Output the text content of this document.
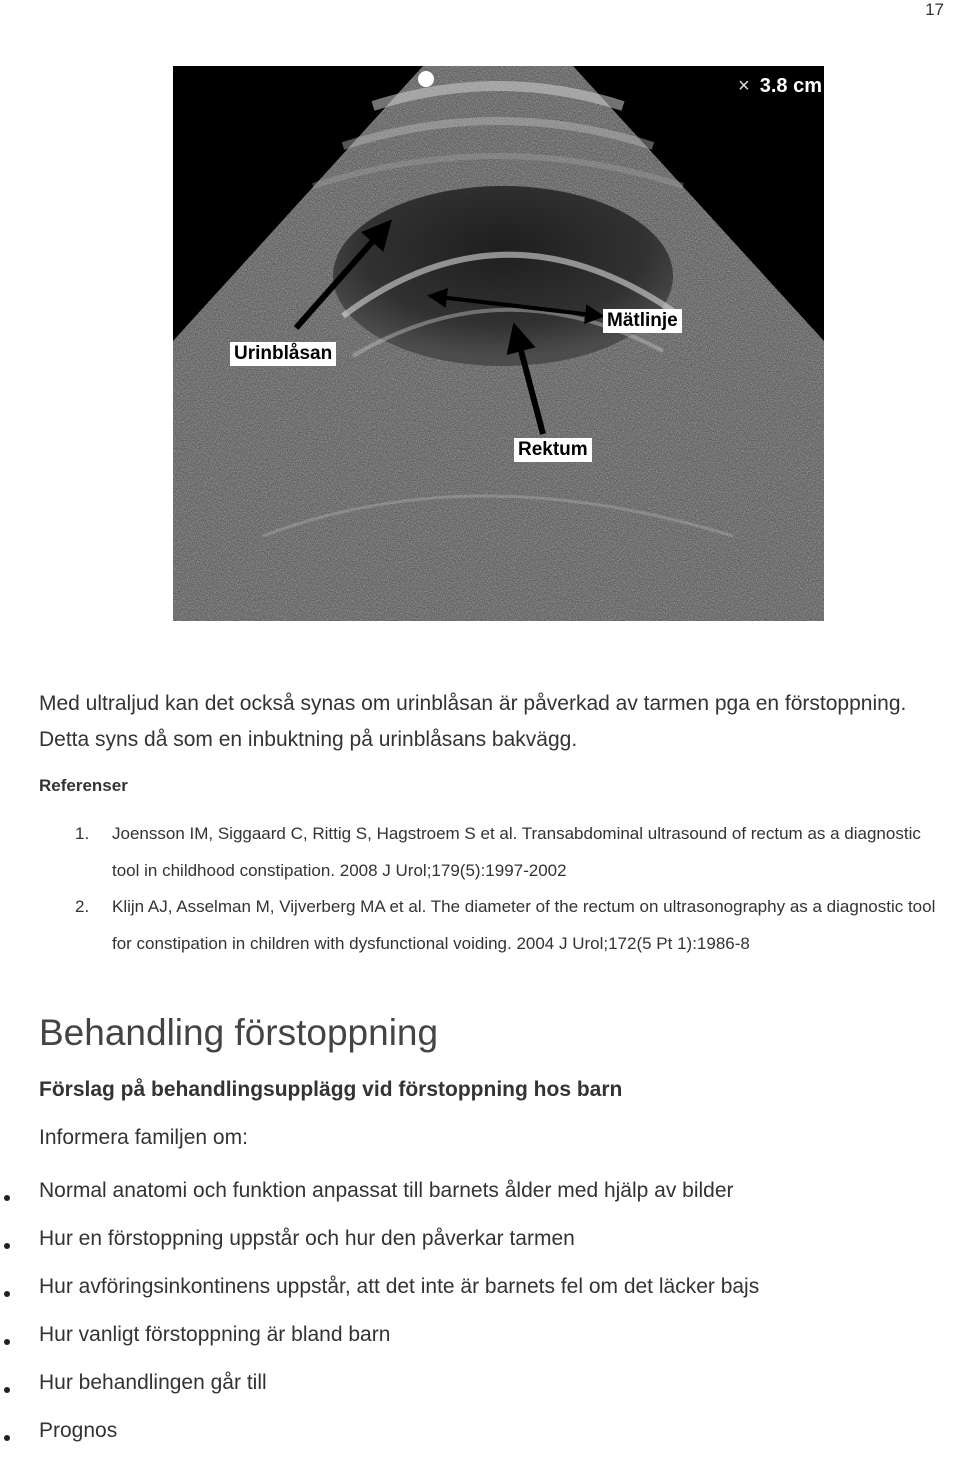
17
× 3.8 cm
Urinblåsan
Mätlinje
Rektum
Med ultraljud kan det också synas om urinblåsan är påverkad av tarmen pga en förstoppning. Detta syns då som en inbuktning på urinblåsans bakvägg.
Referenser
1. Joensson IM, Siggaard C, Rittig S, Hagstroem S et al. Transabdominal ultrasound of rectum as a diagnostic tool in childhood constipation. 2008 J Urol;179(5):1997-2002
2. Klijn AJ, Asselman M, Vijverberg MA et al. The diameter of the rectum on ultrasonography as a diagnostic tool for constipation in children with dysfunctional voiding. 2004 J Urol;172(5 Pt 1):1986-8
Behandling förstoppning
Förslag på behandlingsupplägg vid förstoppning hos barn
Informera familjen om:
Normal anatomi och funktion anpassat till barnets ålder med hjälp av bilder
Hur en förstoppning uppstår och hur den påverkar tarmen
Hur avföringsinkontinens uppstår, att det inte är barnets fel om det läcker bajs
Hur vanligt förstoppning är bland barn
Hur behandlingen går till
Prognos
